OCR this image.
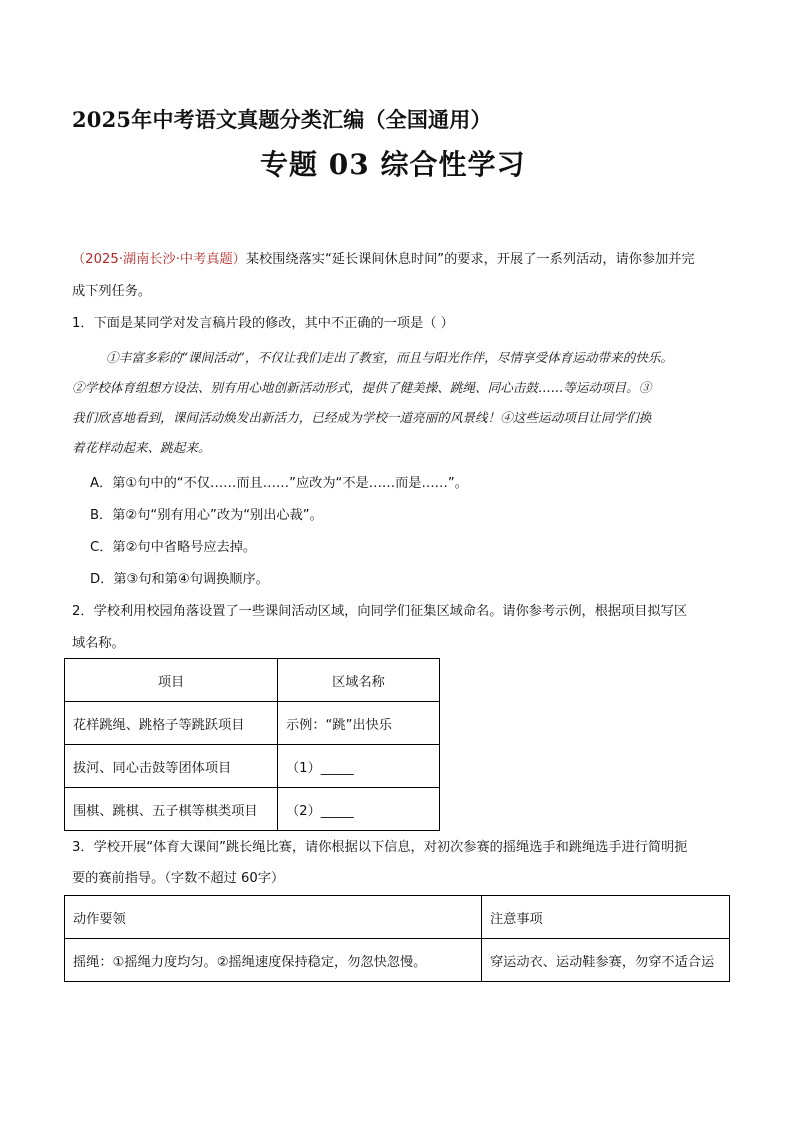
2025年中考语文真题分类汇编（全国通用）
专题 03 综合性学习
（2025·湖南长沙·中考真题）某校围绕落实“延长课间休息时间”的要求，开展了一系列活动，请你参加并完
成下列任务。
1．下面是某同学对发言稿片段的修改，其中不正确的一项是（ ）
①丰富多彩的“课间活动”，不仅让我们走出了教室，而且与阳光作伴，尽情享受体育运动带来的快乐。
②学校体育组想方设法、别有用心地创新活动形式，提供了健美操、跳绳、同心击鼓……等运动项目。③
我们欣喜地看到，课间活动焕发出新活力，已经成为学校一道亮丽的风景线！④这些运动项目让同学们换
着花样动起来、跳起来。
A．第①句中的“不仅……而且……”应改为“不是……而是……”。
B．第②句“别有用心”改为“别出心裁”。
C．第②句中省略号应去掉。
D．第③句和第④句调换顺序。
2．学校利用校园角落设置了一些课间活动区域，向同学们征集区域命名。请你参考示例，根据项目拟写区
域名称。
项目	区域名称
花样跳绳、跳格子等跳跃项目	示例：“跳”出快乐
拔河、同心击鼓等团体项目	（1）_____
围棋、跳棋、五子棋等棋类项目	（2）_____
3．学校开展“体育大课间”跳长绳比赛，请你根据以下信息，对初次参赛的摇绳选手和跳绳选手进行简明扼
要的赛前指导。（字数不超过 60字）
动作要领	注意事项
摇绳：①摇绳力度均匀。②摇绳速度保持稳定，勿忽快忽慢。	穿运动衣、运动鞋参赛，勿穿不适合运
